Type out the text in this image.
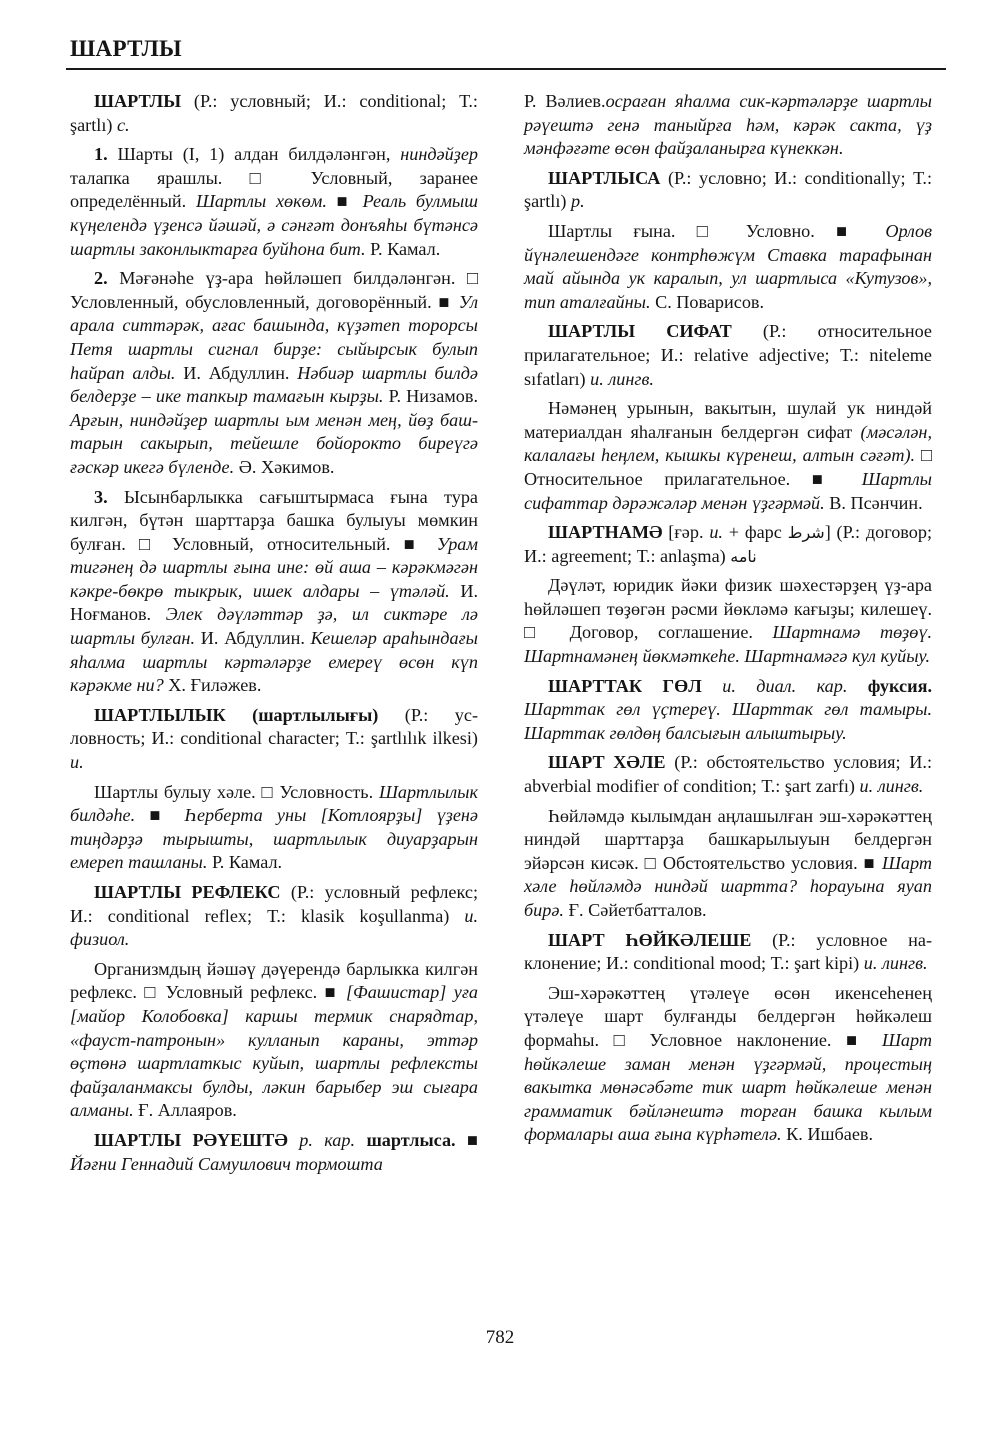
ШАРТЛЫ

ШАРТЛЫ (Р.: условный; И.: conditional; Т.: şartlı) с.

1. Шарты (I, 1) алдан билдәләнгән, ниндәйҙер талапка ярашлы. □ Условный, заранее определённый. Шартлы хөкөм. ■ Реаль булмыш күңелендә үҙенсә йәшәй, ә сәнғәт донъяһы бүтәнсә шартлы законлыктарға буйһона бит. Р. Камал.

2. Мәғәнәһе үҙ-ара һөйләшеп билдәләнгән. □ Условленный, обусловленный, договорённый. ■ Ул арала ситтәрәк, ағас башында, күҙәтеп торорсы Петя шартлы сигнал бирҙе: сыйырсык булып һайрап алды. И. Абдуллин. Нәбиәр шартлы билдә белдерҙе – ике тапкыр тамағын кырҙы. Р. Низамов. Арғын, ниндәйҙер шартлы ым менән мең, йөҙ баштарын сакырып, тейешле бойорокто биреүгә ғәскәр икегә бүленде. Ә. Хәкимов.

3. Ысынбарлыкка сағыштырмаса ғына тура килгән, бүтән шарттарҙа башка булыуы мөмкин булған. □ Условный, относительный. ■ Урам тигәнең дә шартлы ғына ине: өй аша – кәрәкмәгән кәкре-бөкрө тыкрык, ишек алдары – үтәләй. И. Ноғманов. Элек дәүләттәр ҙә, ил сиктәре лә шартлы булған. И. Абдуллин. Кешеләр араһындағы яһалма шартлы кәртәләрҙе емереү өсөн күп кәрәкме ни? Х. Ғиләжев.

ШАРТЛЫЛЫК (шартлылығы) (Р.: условность; И.: conditional character; Т.: şartlılık ilkesi) и.

Шартлы булыу хәле. □ Условность. Шартлылык билдәһе. ■ Һерберта уны [Котлоярҙы] үҙенә тиңдәрҙә тырышты, шартлылык диуарҙарын емереп ташланы. Р. Камал.

ШАРТЛЫ РЕФЛЕКС (Р.: условный рефлекс; И.: conditional reflex; Т.: klasik koşullanma) и. физиол.

Организмдың йәшәү дәүерендә барлыкка килгән рефлекс. □ Условный рефлекс. ■ [Фашистар] уға [майор Колобовка] каршы термик снарядтар, «фауст-патронын» кулланып караны, эттәр өҫтөнә шартлаткыс куйып, шартлы рефлексты файҙаланмаксы булды, ләкин барыбер эш сығара алманы. Ғ. Аллаяров.

ШАРТЛЫ РӘҮЕШТӘ р. кар. шартлыса. ■ Йәғни Геннадий Самуилович тормошта

Р. Вәлиев.осраған яһалма сик-кәртәләрҙе шартлы рәүештә генә таныйрға һәм, кәрәк сакта, үҙ мәнфәғәте өсөн файҙаланырға күнеккән.

ШАРТЛЫСА (Р.: условно; И.: conditionally; Т.: şartlı) р.

Шартлы ғына. □ Условно. ■ Орлов йүнәлешендәге контрһөжүм Ставка тарафынан май айында ук каралып, ул шартлыса «Кутузов», тип аталғайны. С. Поварисов.

ШАРТЛЫ СИФАТ (Р.: относительное прилагательное; И.: relative adjective; Т.: niteleme sıfatları) и. лингв.

Нәмәнең урынын, вакытын, шулай ук ниндәй материалдан яһалғанын белдергән сифат (мәсәлән, калалағы һеңлем, кышкы күренеш, алтын сәғәт). □ Относительное прилагательное. ■ Шартлы сифаттар дәрәжәләр менән үҙгәрмәй. В. Псәнчин.

ШАРТНАМӘ [ғәр. и. + фарс شرط] (Р.: договор; И.: agreement; Т.: anlaşma) نامه

Дәүләт, юридик йәки физик шәхестәрҙең үҙ-ара һөйләшеп төҙөгән рәсми йөкләмә кағыҙы; килешеү. □ Договор, соглашение. Шартнамә төҙөү. Шартнамәнең йөкмәткеһе. Шартнамәгә кул куйыу.

ШАРТТАК ГӨЛ и. диал. кар. фуксия. Шарттак гөл үҫтереү. Шарттак гөл тамыры. Шарттак гөлдөң балсығын алыштырыу.

ШАРТ ХӘЛЕ (Р.: обстоятельство условия; И.: abverbial modifier of condition; Т.: şart zarfı) и. лингв.

Һөйләмдә кылымдан аңлашылған эш-хәрәкәттең ниндәй шарттарҙа башкарылыуын белдергән эйәрсән кисәк. □ Обстоятельство условия. ■ Шарт хәле һөйләмдә ниндәй шартта? һорауына яуап бирә. Ғ. Сәйетбатталов.

ШАРТ ҺӨЙКӘЛЕШЕ (Р.: условное наклонение; И.: conditional mood; Т.: şart kipi) и. лингв.

Эш-хәрәкәттең үтәлеүе өсөн икенсеһенең үтәлеүе шарт булғанды белдергән һөйкәлеш формаһы. □ Условное наклонение. ■ Шарт һөйкәлеше заман менән үҙгәрмәй, процестың вакытка мөнәсәбәте тик шарт һөйкәлеше менән грамматик бәйләнештә торған башка кылым формалары аша ғына күрһәтелә. К. Ишбаев.

782
